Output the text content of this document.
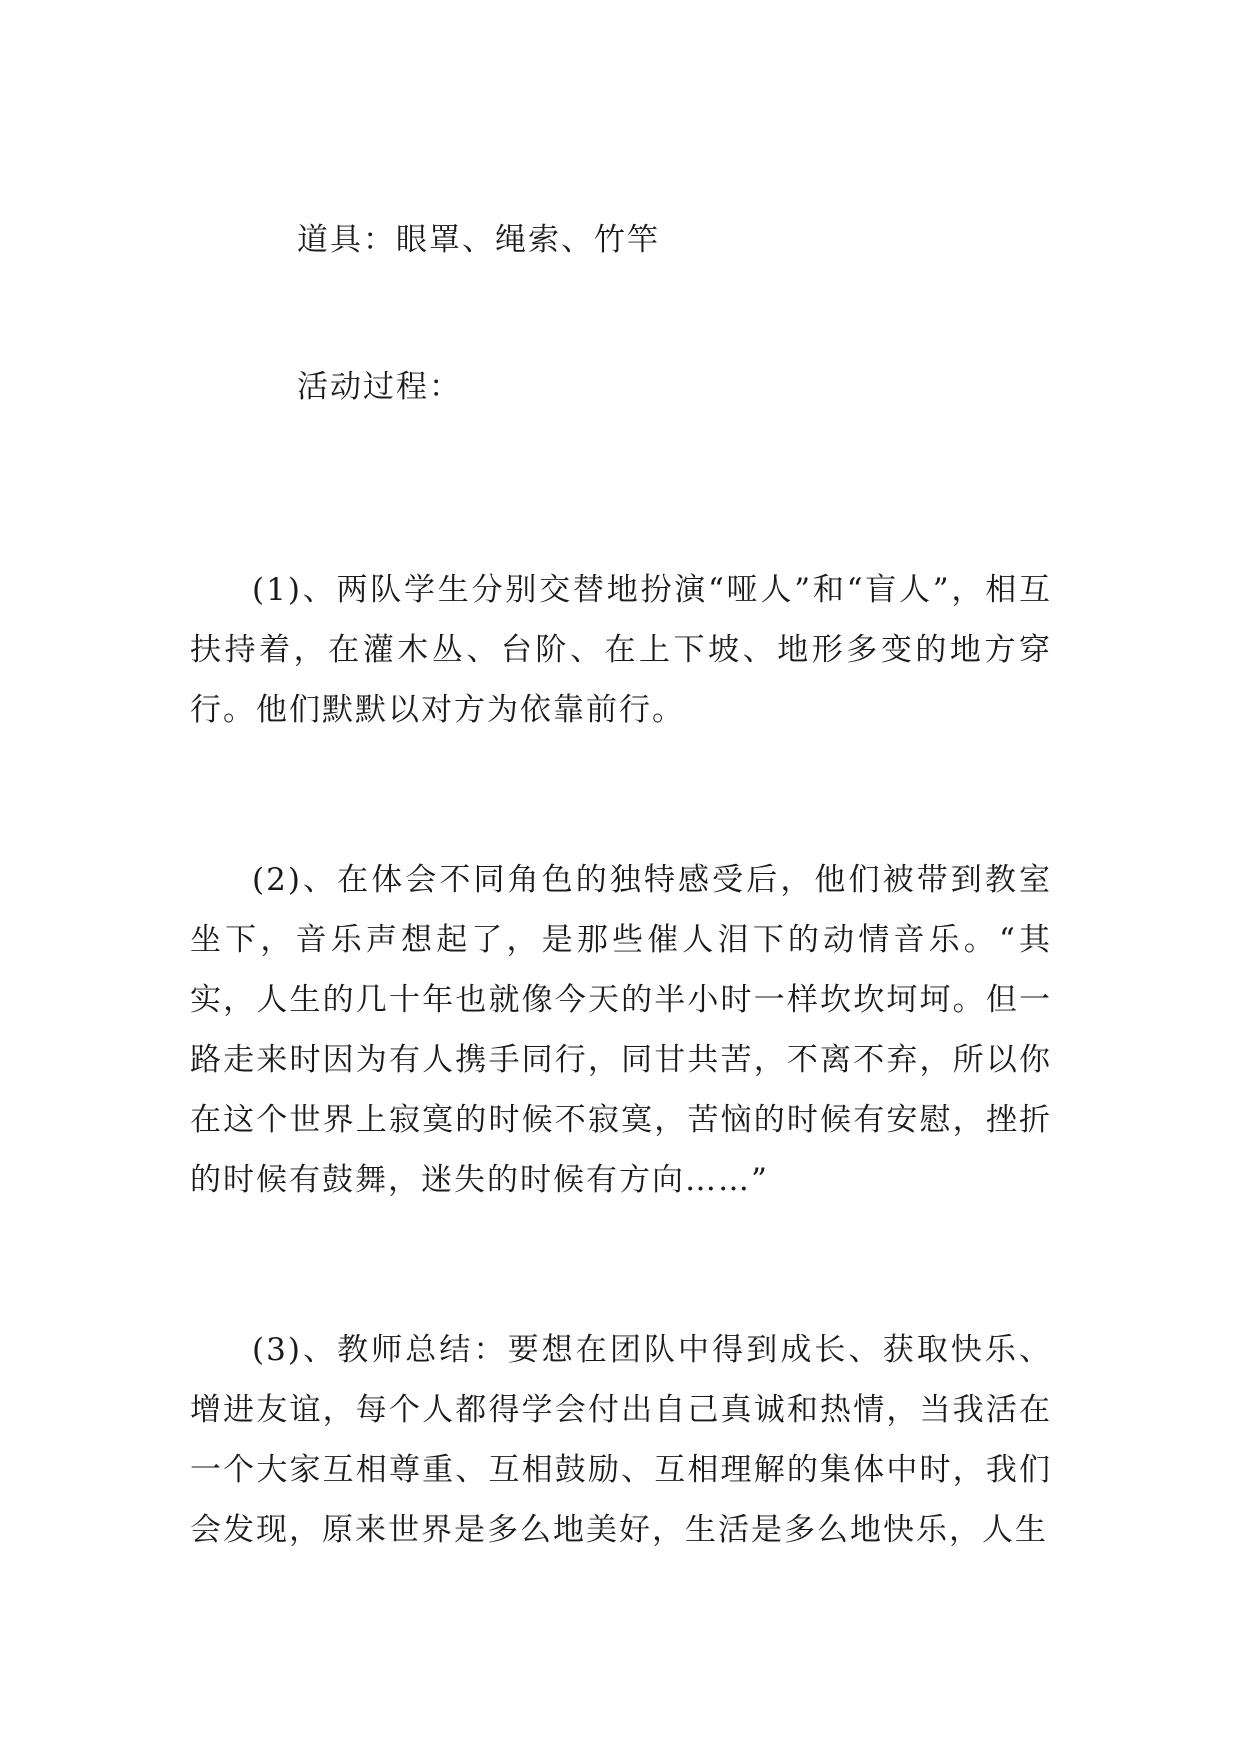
道具：眼罩、绳索、竹竿

活动过程：

(1)、两队学生分别交替地扮演“哑人”和“盲人”，相互扶持着，在灌木丛、台阶、在上下坡、地形多变的地方穿行。他们默默以对方为依靠前行。

(2)、在体会不同角色的独特感受后，他们被带到教室坐下，音乐声想起了，是那些催人泪下的动情音乐。“其实，人生的几十年也就像今天的半小时一样坎坎坷坷。但一路走来时因为有人携手同行，同甘共苦，不离不弃，所以你在这个世界上寂寞的时候不寂寞，苦恼的时候有安慰，挫折的时候有鼓舞，迷失的时候有方向……”

(3)、教师总结：要想在团队中得到成长、获取快乐、增进友谊，每个人都得学会付出自己真诚和热情，当我活在一个大家互相尊重、互相鼓励、互相理解的集体中时，我们会发现，原来世界是多么地美好，生活是多么地快乐，人生
